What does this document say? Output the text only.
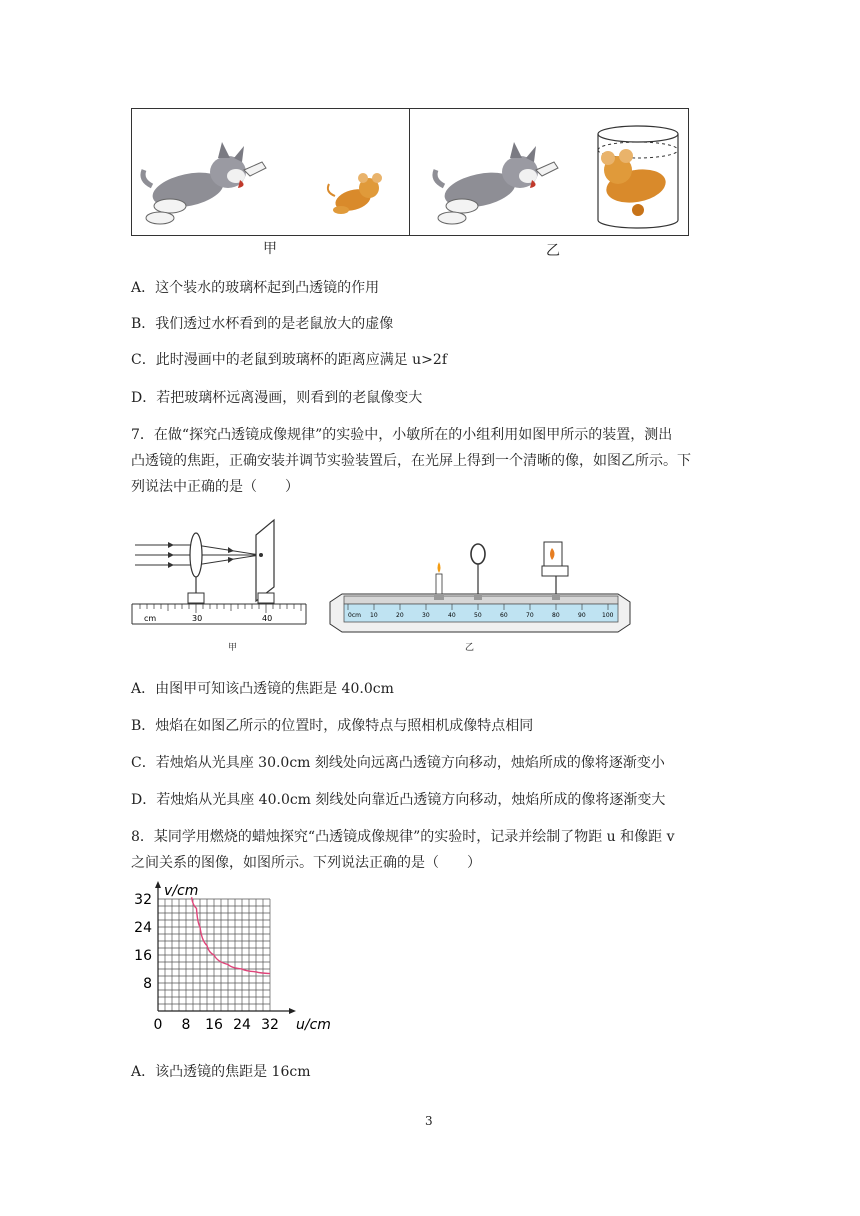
甲	乙
A．这个装水的玻璃杯起到凸透镜的作用
B．我们透过水杯看到的是老鼠放大的虚像
C．此时漫画中的老鼠到玻璃杯的距离应满足 u>2f
D．若把玻璃杯远离漫画，则看到的老鼠像变大
7．在做“探究凸透镜成像规律”的实验中，小敏所在的小组利用如图甲所示的装置，测出
凸透镜的焦距，正确安装并调节实验装置后，在光屏上得到一个清晰的像，如图乙所示。下
列说法中正确的是（　　）
cm	30	40
甲
0cm 10	20	30	40	50	60	70	80	90	100
乙
A．由图甲可知该凸透镜的焦距是 40.0cm
B．烛焰在如图乙所示的位置时，成像特点与照相机成像特点相同
C．若烛焰从光具座 30.0cm 刻线处向远离凸透镜方向移动，烛焰所成的像将逐渐变小
D．若烛焰从光具座 40.0cm 刻线处向靠近凸透镜方向移动，烛焰所成的像将逐渐变大
8．某同学用燃烧的蜡烛探究“凸透镜成像规律”的实验时，记录并绘制了物距 u 和像距 v
之间关系的图像，如图所示。下列说法正确的是（　　）
0 8 16 24 32
8
16
24
32
u/cm
v/cm
A．该凸透镜的焦距是 16cm
3
